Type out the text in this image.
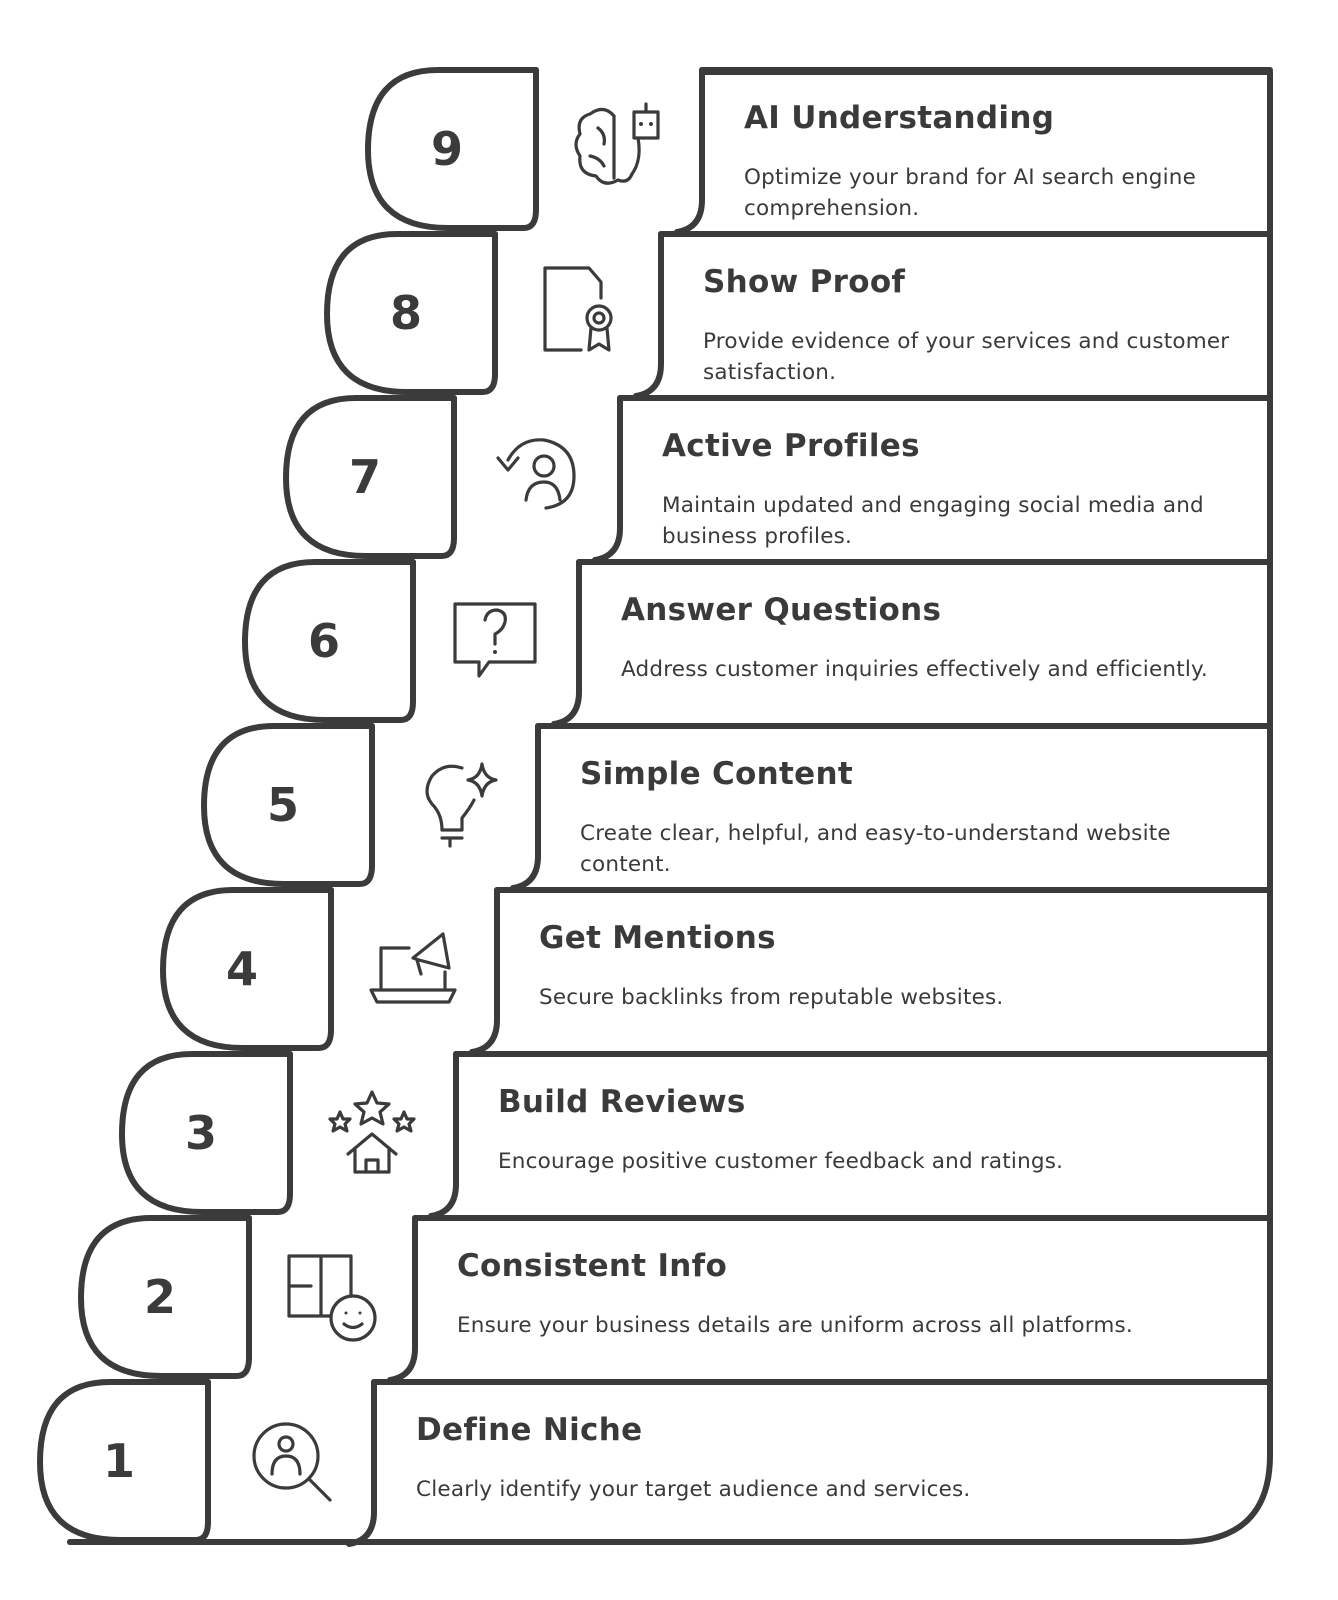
1
Define Niche
Clearly identify your target audience and services.
2
Consistent Info
Ensure your business details are uniform across all platforms.
3
Build Reviews
Encourage positive customer feedback and ratings.
4
Get Mentions
Secure backlinks from reputable websites.
5
Simple Content
Create clear, helpful, and easy-to-understand website content.
6
Answer Questions
Address customer inquiries effectively and efficiently.
7
Active Profiles
Maintain updated and engaging social media and business profiles.
8
Show Proof
Provide evidence of your services and customer satisfaction.
9
AI Understanding
Optimize your brand for AI search engine comprehension.
